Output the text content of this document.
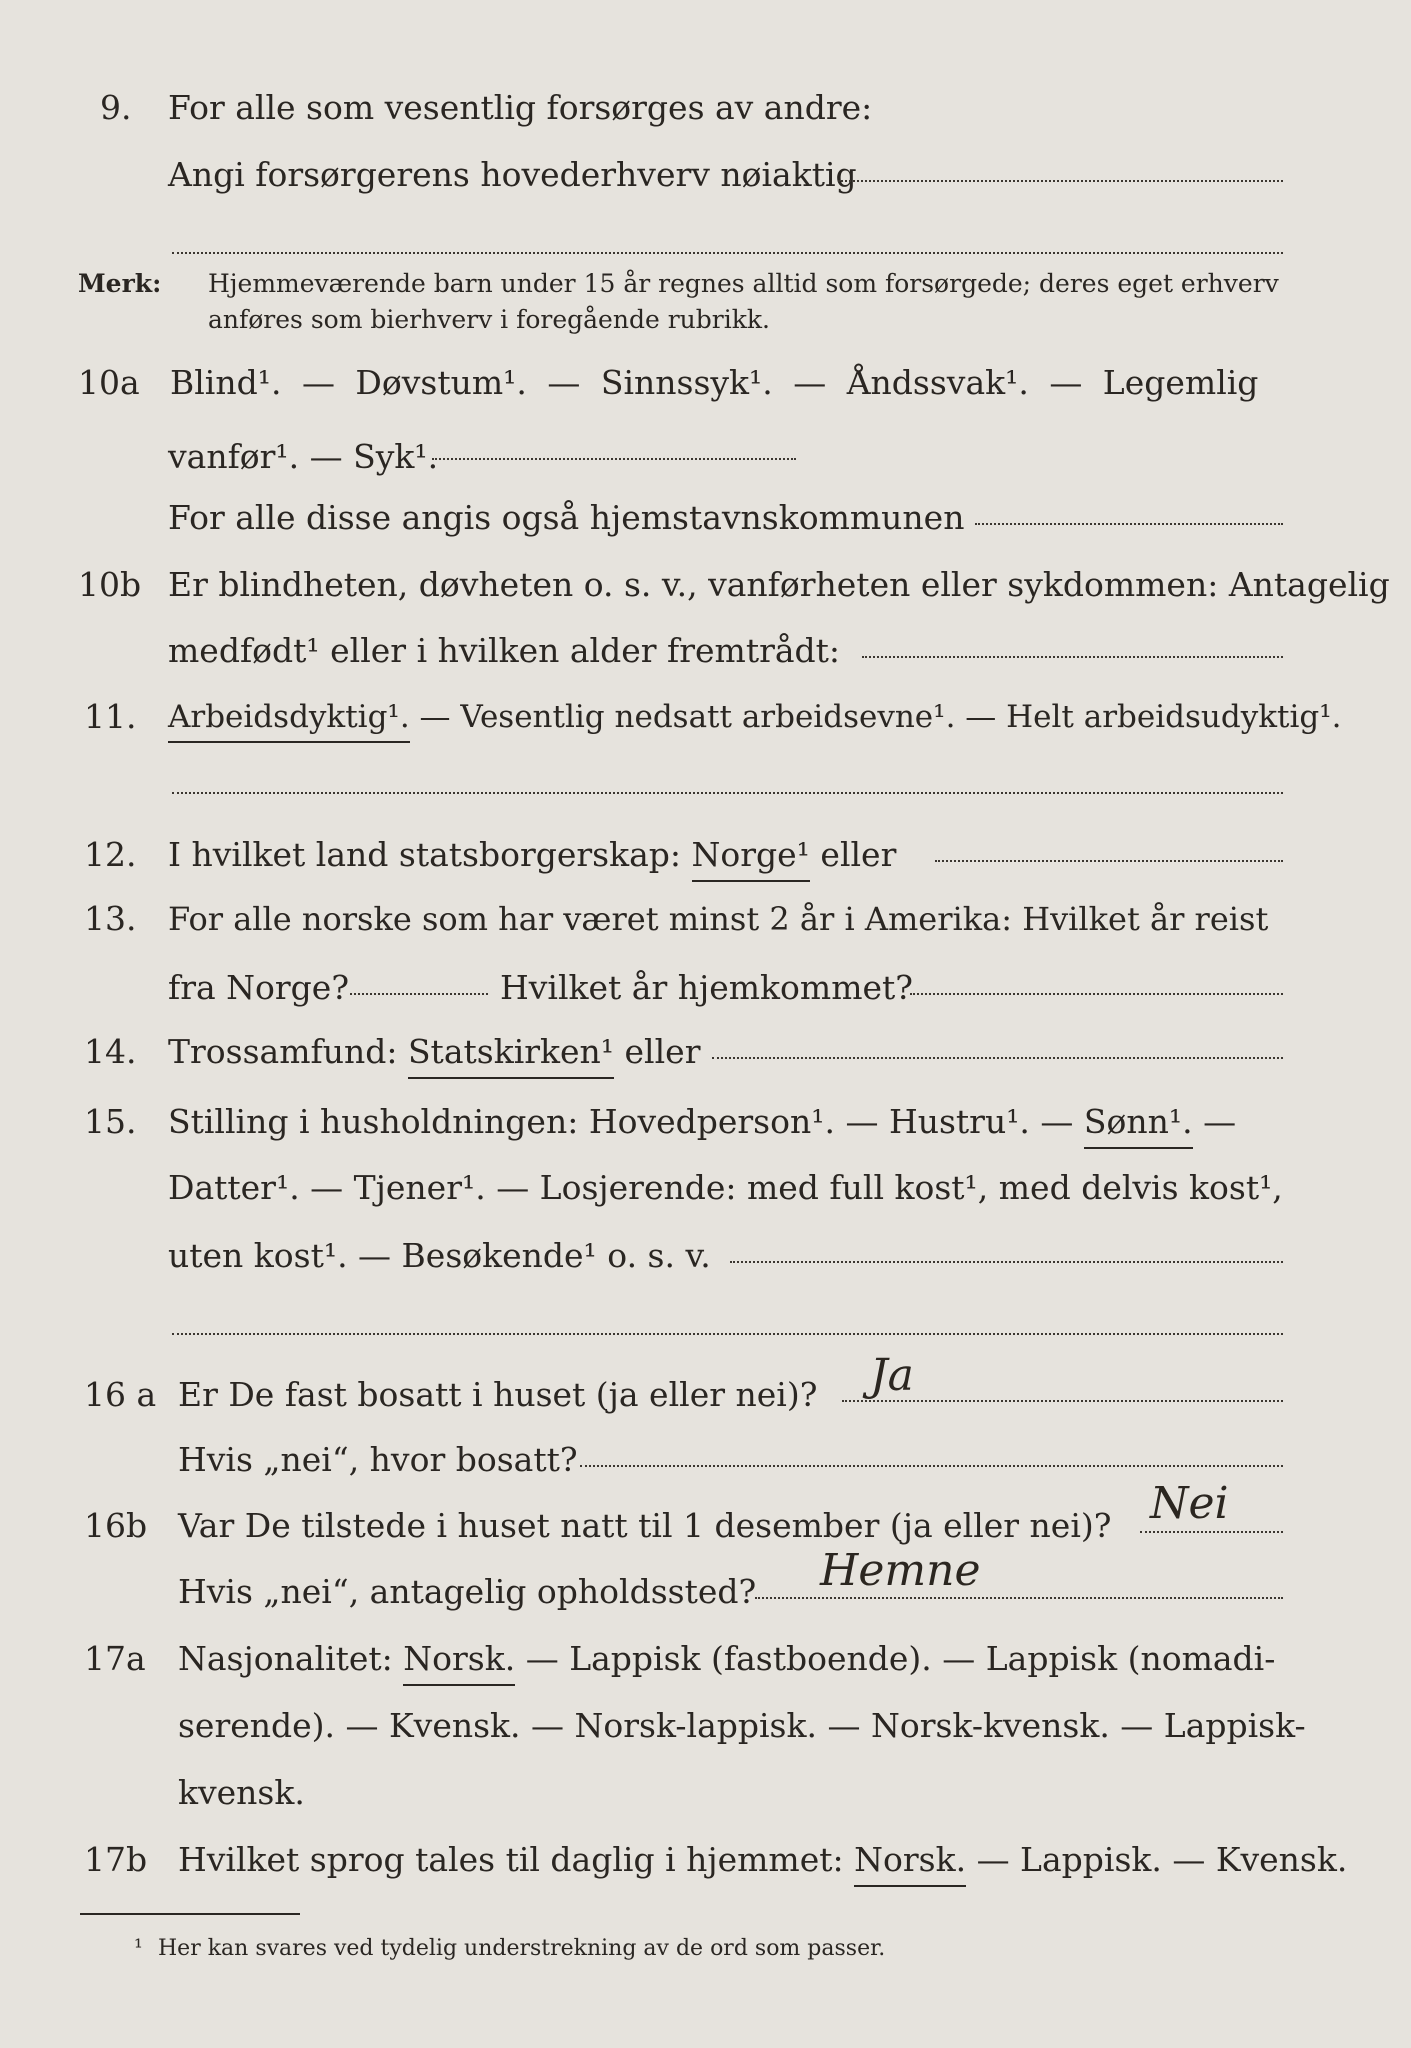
9. For alle som vesentlig forsørges av andre:
Angi forsørgerens hovederhverv nøiaktig
Merk: Hjemmeværende barn under 15 år regnes alltid som forsørgede; deres eget erhverv
anføres som bierhverv i foregående rubrikk.
10a Blind¹. — Døvstum¹. — Sinnssyk¹. — Åndssvak¹. — Legemlig
vanfør¹. — Syk¹.
For alle disse angis også hjemstavnskommunen
10b Er blindheten, døvheten o. s. v., vanførheten eller sykdommen: Antagelig
medfødt¹ eller i hvilken alder fremtrådt:
11. Arbeidsdyktig¹. — Vesentlig nedsatt arbeidsevne¹. — Helt arbeidsudyktig¹.
12. I hvilket land statsborgerskap: Norge¹ eller
13. For alle norske som har været minst 2 år i Amerika: Hvilket år reist
fra Norge?	Hvilket år hjemkommet?
14. Trossamfund: Statskirken¹ eller
15. Stilling i husholdningen: Hovedperson¹. — Hustru¹. — Sønn¹. —
Datter¹. — Tjener¹. — Losjerende: med full kost¹, med delvis kost¹,
uten kost¹. — Besøkende¹ o. s. v.
16 a Er De fast bosatt i huset (ja eller nei)? Ja
Hvis „nei“, hvor bosatt?
16b Var De tilstede i huset natt til 1 desember (ja eller nei)? Nei
Hvis „nei“, antagelig opholdssted? Hemne
17a Nasjonalitet: Norsk. — Lappisk (fastboende). — Lappisk (nomadi-
serende). — Kvensk. — Norsk-lappisk. — Norsk-kvensk. — Lappisk-
kvensk.
17b Hvilket sprog tales til daglig i hjemmet: Norsk. — Lappisk. — Kvensk.
¹ Her kan svares ved tydelig understrekning av de ord som passer.
